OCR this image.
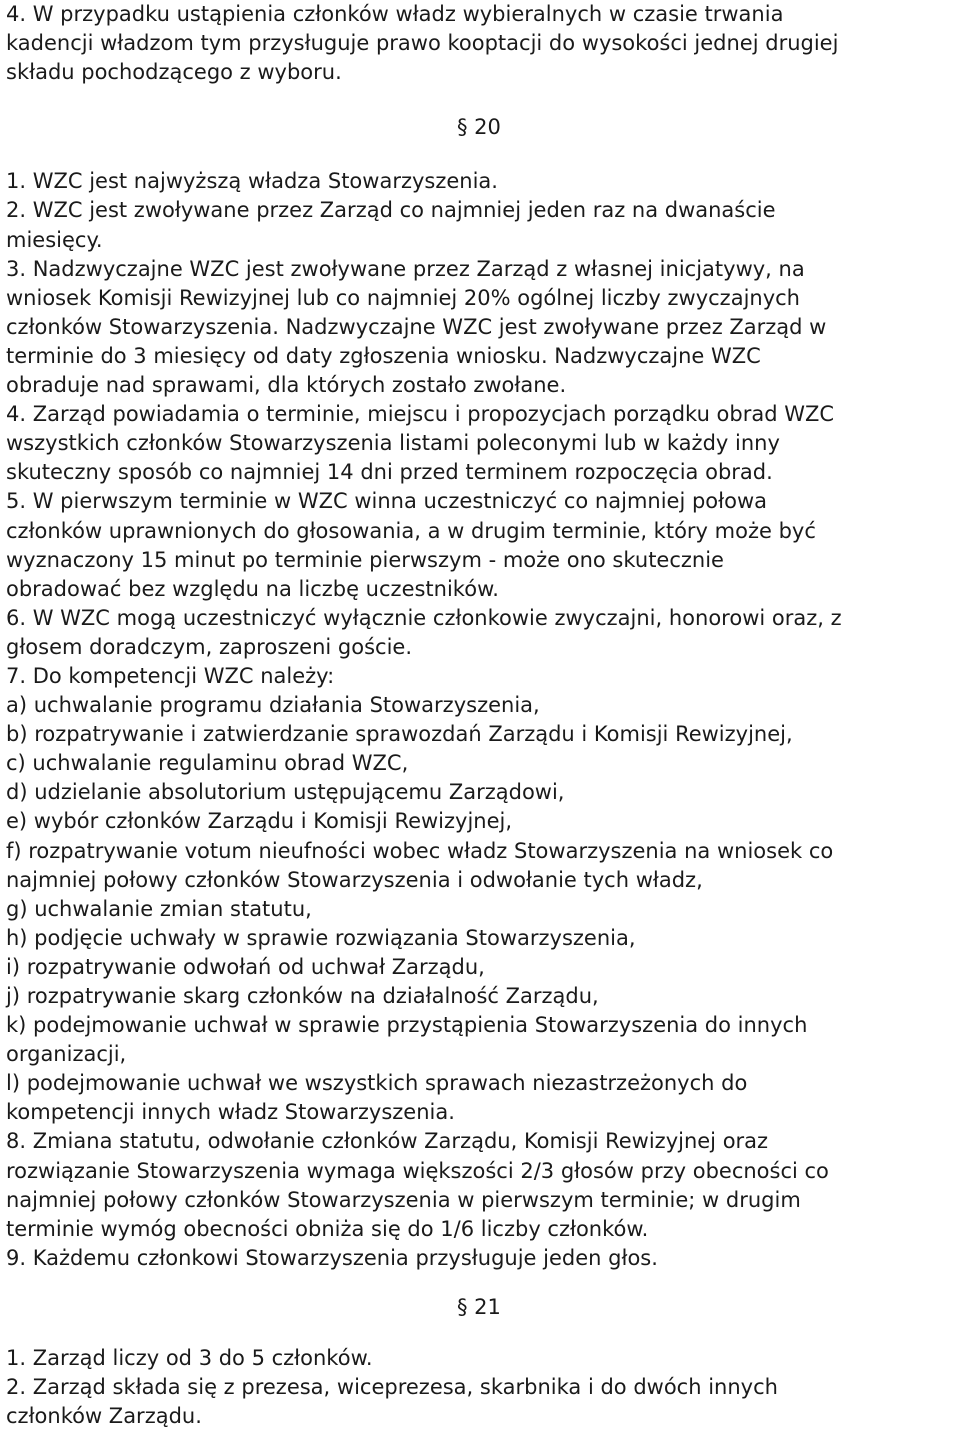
4. W przypadku ustąpienia członków władz wybieralnych w czasie trwania
kadencji władzom tym przysługuje prawo kooptacji do wysokości jednej drugiej
składu pochodzącego z wyboru.

§ 20

1. WZC jest najwyższą władza Stowarzyszenia.

2. WZC jest zwoływane przez Zarząd co najmniej jeden raz na dwanaście
miesięcy.

3. Nadzwyczajne WZC jest zwoływane przez Zarząd z własnej inicjatywy, na
wniosek Komisji Rewizyjnej lub co najmniej 20% ogólnej liczby zwyczajnych
członków Stowarzyszenia. Nadzwyczajne WZC jest zwoływane przez Zarząd w
terminie do 3 miesięcy od daty zgłoszenia wniosku. Nadzwyczajne WZC
obraduje nad sprawami, dla których zostało zwołane.

4. Zarząd powiadamia o terminie, miejscu i propozycjach porządku obrad WZC
wszystkich członków Stowarzyszenia listami poleconymi lub w każdy inny
skuteczny sposób co najmniej 14 dni przed terminem rozpoczęcia obrad.

5. W pierwszym terminie w WZC winna uczestniczyć co najmniej połowa
członków uprawnionych do głosowania, a w drugim terminie, który może być
wyznaczony 15 minut po terminie pierwszym - może ono skutecznie
obradować bez względu na liczbę uczestników.

6. W WZC mogą uczestniczyć wyłącznie członkowie zwyczajni, honorowi oraz, z
głosem doradczym, zaproszeni goście.

7. Do kompetencji WZC należy:

a) uchwalanie programu działania Stowarzyszenia,

b) rozpatrywanie i zatwierdzanie sprawozdań Zarządu i Komisji Rewizyjnej,

c) uchwalanie regulaminu obrad WZC,

d) udzielanie absolutorium ustępującemu Zarządowi,

e) wybór członków Zarządu i Komisji Rewizyjnej,

f) rozpatrywanie votum nieufności wobec władz Stowarzyszenia na wniosek co
najmniej połowy członków Stowarzyszenia i odwołanie tych władz,

g) uchwalanie zmian statutu,

h) podjęcie uchwały w sprawie rozwiązania Stowarzyszenia,

i) rozpatrywanie odwołań od uchwał Zarządu,

j) rozpatrywanie skarg członków na działalność Zarządu,

k) podejmowanie uchwał w sprawie przystąpienia Stowarzyszenia do innych
organizacji,

l) podejmowanie uchwał we wszystkich sprawach niezastrzeżonych do
kompetencji innych władz Stowarzyszenia.

8. Zmiana statutu, odwołanie członków Zarządu, Komisji Rewizyjnej oraz
rozwiązanie Stowarzyszenia wymaga większości 2/3 głosów przy obecności co
najmniej połowy członków Stowarzyszenia w pierwszym terminie; w drugim
terminie wymóg obecności obniża się do 1/6 liczby członków.

9. Każdemu członkowi Stowarzyszenia przysługuje jeden głos.

§ 21

1. Zarząd liczy od 3 do 5 członków.

2. Zarząd składa się z prezesa, wiceprezesa, skarbnika i do dwóch innych
członków Zarządu.
